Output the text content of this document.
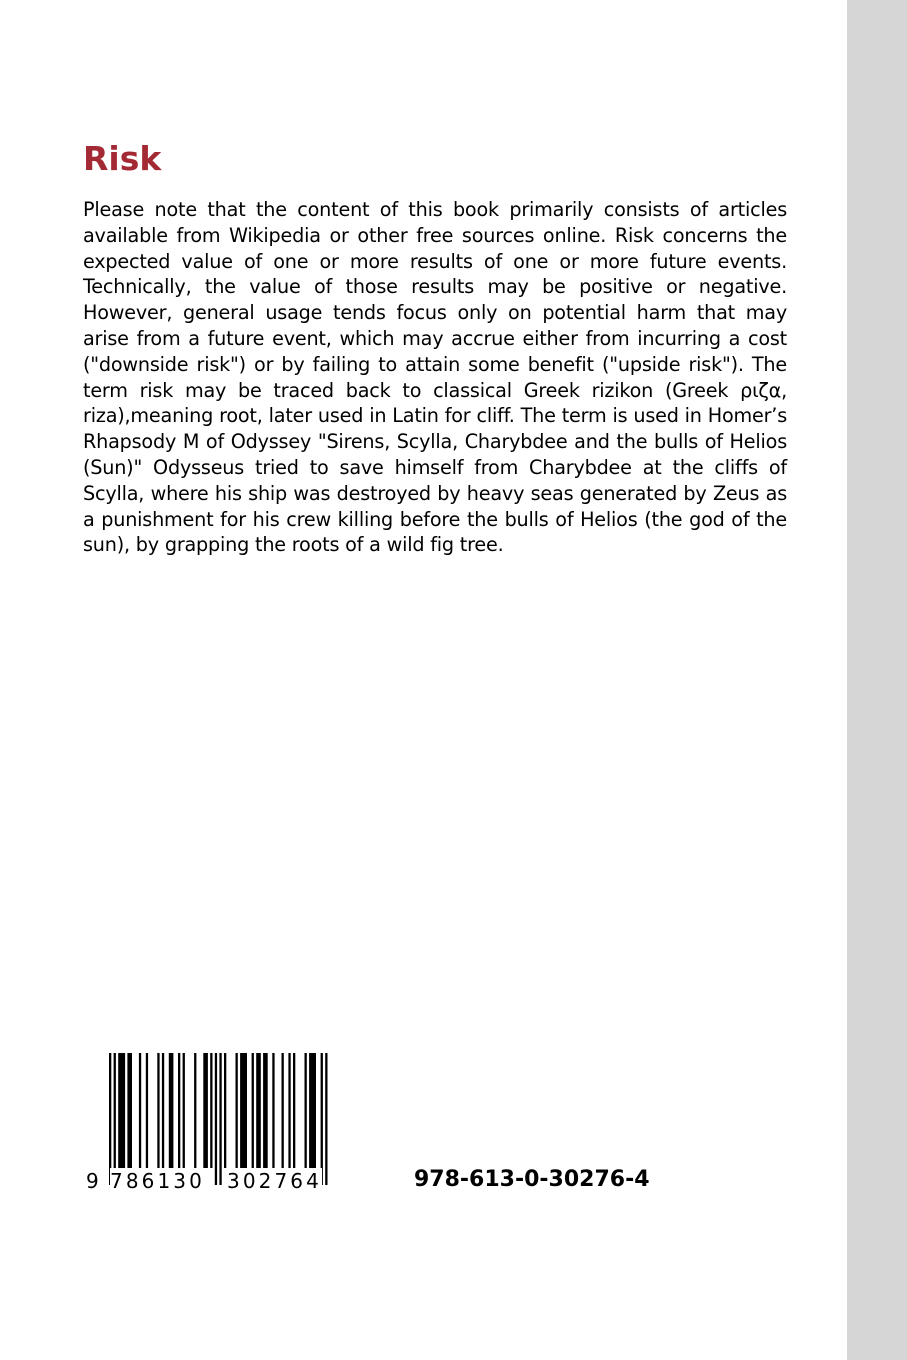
Risk

Please note that the content of this book primarily consists of articles available from Wikipedia or other free sources online. Risk concerns the expected value of one or more results of one or more future events. Technically, the value of those results may be positive or negative. However, general usage tends focus only on potential harm that may arise from a future event, which may accrue either from incurring a cost ("downside risk") or by failing to attain some benefit ("upside risk"). The term risk may be traced back to classical Greek rizikon (Greek ριζα, riza),meaning root, later used in Latin for cliff. The term is used in Homer’s Rhapsody M of Odyssey "Sirens, Scylla, Charybdee and the bulls of Helios (Sun)" Odysseus tried to save himself from Charybdee at the cliffs of Scylla, where his ship was destroyed by heavy seas generated by Zeus as a punishment for his crew killing before the bulls of Helios (the god of the sun), by grapping the roots of a wild fig tree.

9 786130 302764	978-613-0-30276-4
